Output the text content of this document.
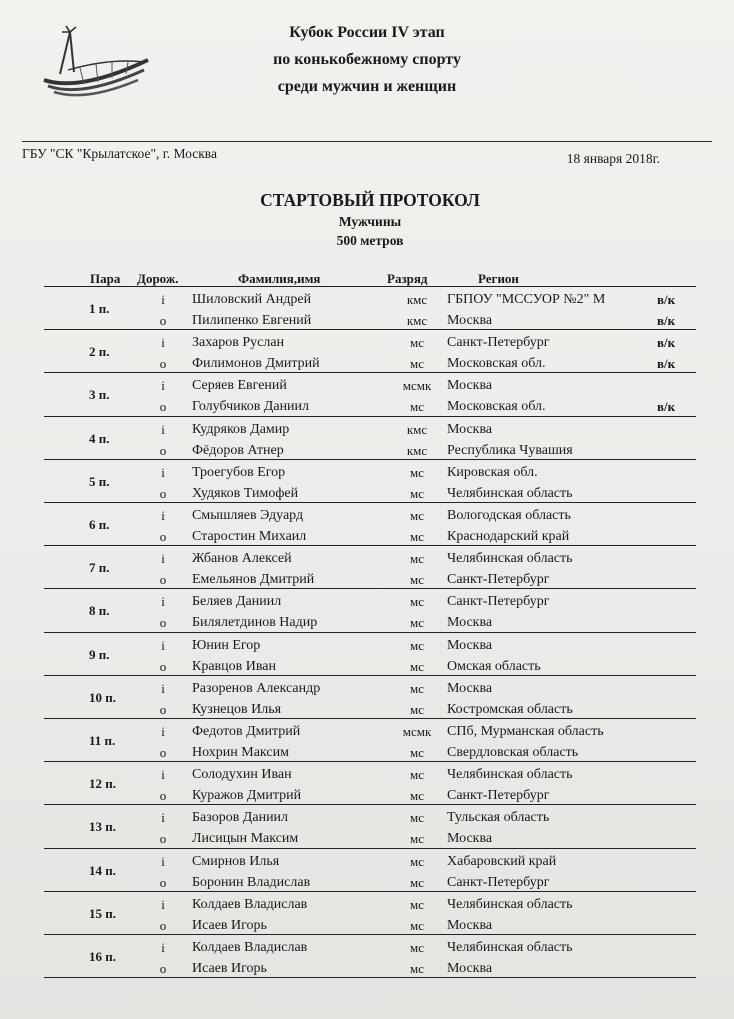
Кубок России IV этап
по конькобежному спорту
среди мужчин и женщин
ГБУ "СК "Крылатское", г. Москва	18 января 2018г.
СТАРТОВЫЙ ПРОТОКОЛ
Мужчины
500 метров
Пара Дорож.	Фамилия,имя	Разряд	Регион
1 п.
i Шиловский Андрей	кмс	ГБПОУ "МССУОР №2" М	в/к
o Пилипенко Евгений	кмс	Москва	в/к
2 п.
i Захаров Руслан	мс	Санкт-Петербург	в/к
o Филимонов Дмитрий	мс	Московская обл.	в/к
3 п.
i Серяев Евгений	мсмк	Москва
o Голубчиков Даниил	мс	Московская обл.	в/к
4 п.
i Кудряков Дамир	кмс	Москва
o Фёдоров Атнер	кмс	Республика Чувашия
5 п.
i Троегубов Егор	мс	Кировская обл.
o Худяков Тимофей	мс	Челябинская область
6 п.
i Смышляев Эдуард	мс	Вологодская область
o Старостин Михаил	мс	Краснодарский край
7 п.
i Жбанов Алексей	мс	Челябинская область
o Емельянов Дмитрий	мс	Санкт-Петербург
8 п.
i Беляев Даниил	мс	Санкт-Петербург
o Билялетдинов Надир	мс	Москва
9 п.
i Юнин Егор	мс	Москва
o Кравцов Иван	мс	Омская область
10 п.
i Разоренов Александр	мс	Москва
o Кузнецов Илья	мс	Костромская область
11 п.
i Федотов Дмитрий	мсмк	СПб, Мурманская область
o Нохрин Максим	мс	Свердловская область
12 п.
i Солодухин Иван	мс	Челябинская область
o Куражов Дмитрий	мс	Санкт-Петербург
13 п.
i Базоров Даниил	мс	Тульская область
o Лисицын Максим	мс	Москва
14 п.
i Смирнов Илья	мс	Хабаровский край
o Боронин Владислав	мс	Санкт-Петербург
15 п.
i Колдаев Владислав	мс	Челябинская область
o Исаев Игорь	мс	Москва
16 п.
i Колдаев Владислав	мс	Челябинская область
o Исаев Игорь	мс	Москва
